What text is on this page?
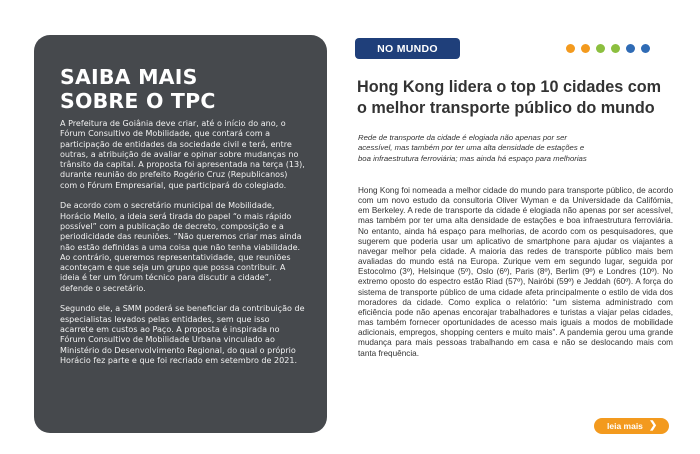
SAIBA MAIS
SOBRE O TPC

A Prefeitura de Goiânia deve criar, até o início do ano, o Fórum Consultivo de Mobilidade, que contará com a participação de entidades da sociedade civil e terá, entre outras, a atribuição de avaliar e opinar sobre mudanças no trânsito da capital. A proposta foi apresentada na terça (13), durante reunião do prefeito Rogério Cruz (Republicanos) com o Fórum Empresarial, que participará do colegiado.

De acordo com o secretário municipal de Mobilidade, Horácio Mello, a ideia será tirada do papel “o mais rápido possível” com a publicação de decreto, composição e a periodicidade das reuniões. “Não queremos criar mas ainda não estão definidas a uma coisa que não tenha viabilidade. Ao contrário, queremos representatividade, que reuniões aconteçam e que seja um grupo que possa contribuir. A ideia é ter um fórum técnico para discutir a cidade”, defende o secretário.

Segundo ele, a SMM poderá se beneficiar da contribuição de especialistas levados pelas entidades, sem que isso acarrete em custos ao Paço. A proposta é inspirada no Fórum Consultivo de Mobilidade Urbana vinculado ao Ministério do Desenvolvimento Regional, do qual o próprio Horácio fez parte e que foi recriado em setembro de 2021.

NO MUNDO
Hong Kong lidera o top 10 cidades com
o melhor transporte público do mundo
Rede de transporte da cidade é elogiada não apenas por ser
acessível, mas também por ter uma alta densidade de estações e
boa infraestrutura ferroviária; mas ainda há espaço para melhorias

Hong Kong foi nomeada a melhor cidade do mundo para transporte público, de acordo com um novo estudo da consultoria Oliver Wyman e da Universidade da Califórnia, em Berkeley. A rede de transporte da cidade é elogiada não apenas por ser acessível, mas também por ter uma alta densidade de estações e boa infraestrutura ferroviária. No entanto, ainda há espaço para melhorias, de acordo com os pesquisadores, que sugerem que poderia usar um aplicativo de smartphone para ajudar os viajantes a navegar melhor pela cidade. A maioria das redes de transporte público mais bem avaliadas do mundo está na Europa. Zurique vem em segundo lugar, seguida por Estocolmo (3º), Helsinque (5º), Oslo (6º), Paris (8º), Berlim (9º) e Londres (10º). No extremo oposto do espectro estão Riad (57º), Nairóbi (59º) e Jeddah (60º). A força do sistema de transporte público de uma cidade afeta principalmente o estilo de vida dos moradores da cidade. Como explica o relatório: “um sistema administrado com eficiência pode não apenas encorajar trabalhadores e turistas a viajar pelas cidades, mas também fornecer oportunidades de acesso mais iguais a modos de mobilidade adicionais, empregos, shopping centers e muito mais”. A pandemia gerou uma grande mudança para mais pessoas trabalhando em casa e não se deslocando mais com tanta frequência.

leia mais ❯
